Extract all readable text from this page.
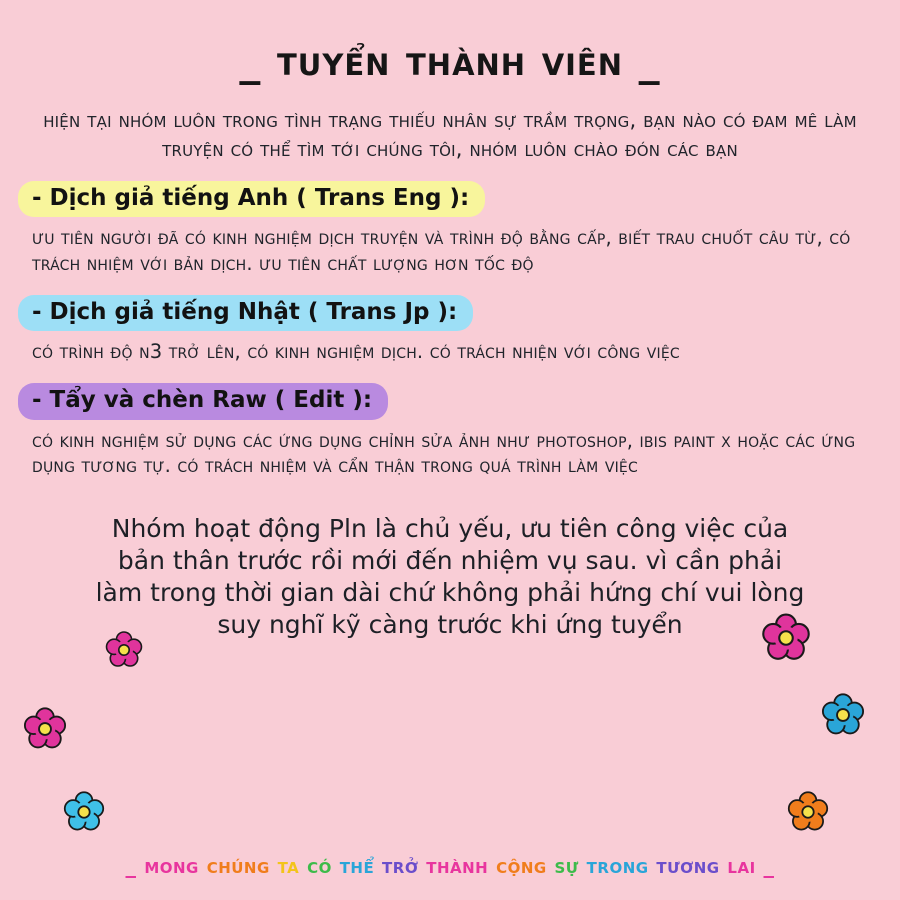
_ tuyển thành viên _
hiện tại nhóm luôn trong tình trạng thiếu nhân sự trầm trọng, bạn nào có đam mê làm truyện có thể tìm tới chúng tôi, nhóm luôn chào đón các bạn
- Dịch giả tiếng Anh ( Trans Eng ):
ưu tiên người đã có kinh nghiệm dịch truyện và trình độ bằng cấp, biết trau chuốt câu từ, có trách nhiệm với bản dịch. ưu tiên chất lượng hơn tốc độ
- Dịch giả tiếng Nhật ( Trans Jp ):
có trình độ n3 trở lên, có kinh nghiệm dịch. có trách nhiện với công việc
- Tẩy và chèn Raw ( Edit ):
có kinh nghiệm sử dụng các ứng dụng chỉnh sửa ảnh như photoshop, ibis paint x hoặc các ứng dụng tương tự. có trách nhiệm và cẩn thận trong quá trình làm việc
Nhóm hoạt động Pln là chủ yếu, ưu tiên công việc của bản thân trước rồi mới đến nhiệm vụ sau. vì cần phải làm trong thời gian dài chứ không phải hứng chí vui lòng suy nghĩ kỹ càng trước khi ứng tuyển
_ mong chúng ta có thể trở thành cộng sự trong tương lai _
